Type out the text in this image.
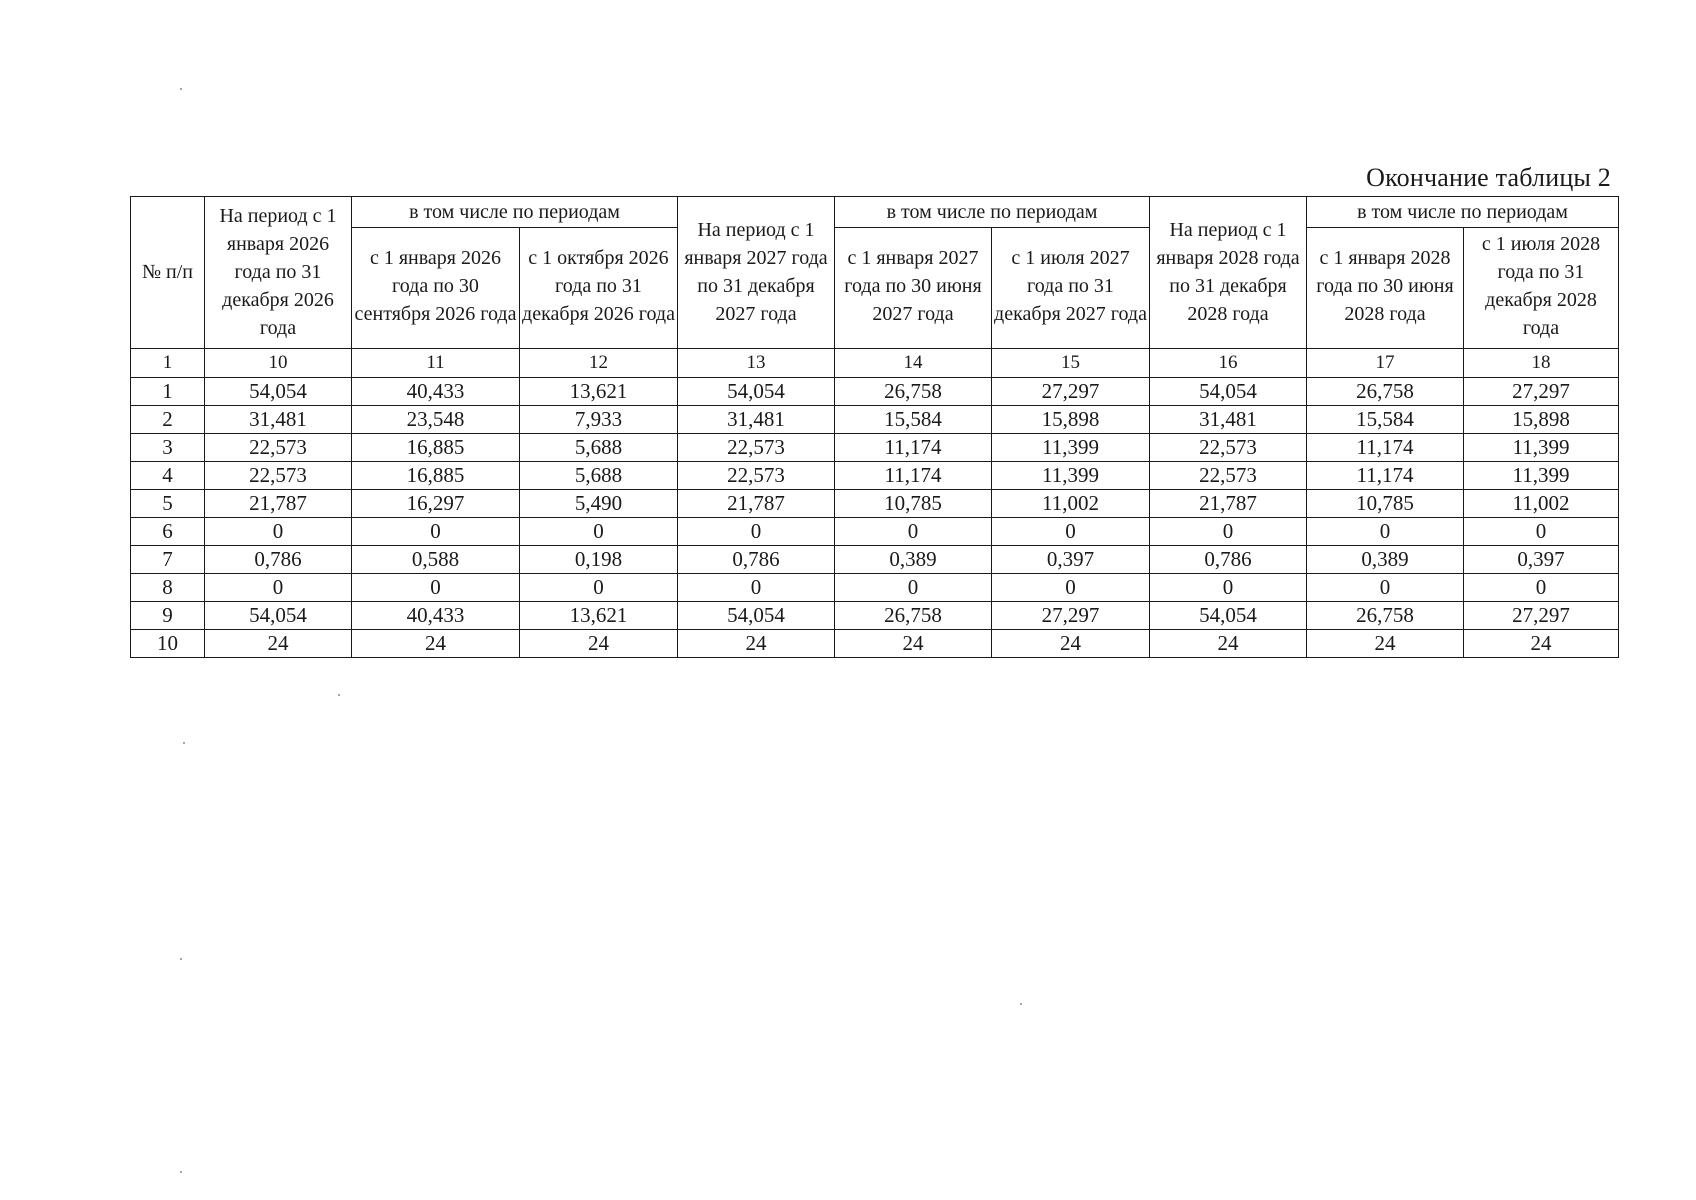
Окончание таблицы 2
№ п/п	На период с 1 января 2026 года по 31 декабря 2026 года	в том числе по периодам		На период с 1 января 2027 года по 31 декабря 2027 года	в том числе по периодам		На период с 1 января 2028 года по 31 декабря 2028 года	в том числе по периодам	
		с 1 января 2026 года по 30 сентября 2026 года	с 1 октября 2026 года по 31 декабря 2026 года		с 1 января 2027 года по 30 июня 2027 года	с 1 июля 2027 года по 31 декабря 2027 года		с 1 января 2028 года по 30 июня 2028 года	с 1 июля 2028 года по 31 декабря 2028 года
1	10	11	12	13	14	15	16	17	18
1	54,054	40,433	13,621	54,054	26,758	27,297	54,054	26,758	27,297
2	31,481	23,548	7,933	31,481	15,584	15,898	31,481	15,584	15,898
3	22,573	16,885	5,688	22,573	11,174	11,399	22,573	11,174	11,399
4	22,573	16,885	5,688	22,573	11,174	11,399	22,573	11,174	11,399
5	21,787	16,297	5,490	21,787	10,785	11,002	21,787	10,785	11,002
6	0	0	0	0	0	0	0	0	0
7	0,786	0,588	0,198	0,786	0,389	0,397	0,786	0,389	0,397
8	0	0	0	0	0	0	0	0	0
9	54,054	40,433	13,621	54,054	26,758	27,297	54,054	26,758	27,297
10	24	24	24	24	24	24	24	24	24
